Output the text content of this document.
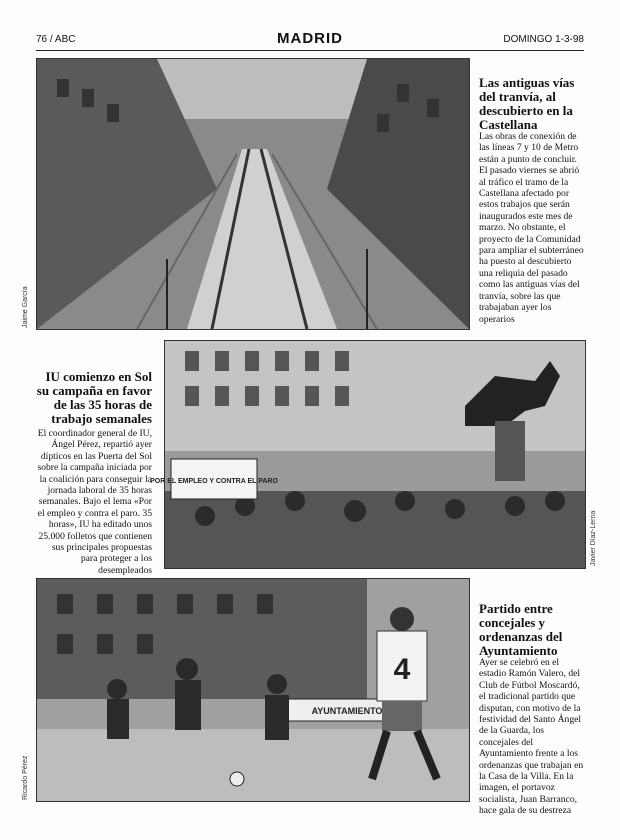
76 / ABC	MADRID	DOMINGO 1-3-98
Jaime García
Las antiguas vías del tranvía, al descubierto en la Castellana

Las obras de conexión de las líneas 7 y 10 de Metro están a punto de concluir. El pasado viernes se abrió al tráfico el tramo de la Castellana afectado por estos trabajos que serán inaugurados este mes de marzo. No obstante, el proyecto de la Comunidad para ampliar el subterráneo ha puesto al descubierto una reliquia del pasado como las antiguas vías del tranvía, sobre las que trabajaban ayer los operarios

POR EL EMPLEO Y CONTRA EL PARO
Javier Díaz-Lerna
IU comienzo en Sol su campaña en favor de las 35 horas de trabajo semanales

El coordinador general de IU, Ángel Pérez, repartió ayer dípticos en las Puerta del Sol sobre la campaña iniciada por la coalición para conseguir la jornada laboral de 35 horas semanales. Bajo el lema «Por el empleo y contra el paro. 35 horas», IU ha editado unos 25.000 folletos que contienen sus principales propuestas para proteger a los desempleados

AYUNTAMIENTO
4
Ricardo Pérez
Partido entre concejales y ordenanzas del Ayuntamiento

Ayer se celebró en el estadio Ramón Valero, del Club de Fútbol Moscardó, el tradicional partido que disputan, con motivo de la festividad del Santo Ángel de la Guarda, los concejales del Ayuntamiento frente a los ordenanzas que trabajan en la Casa de la Villa. En la imagen, el portavoz socialista, Juan Barranco, hace gala de su destreza
